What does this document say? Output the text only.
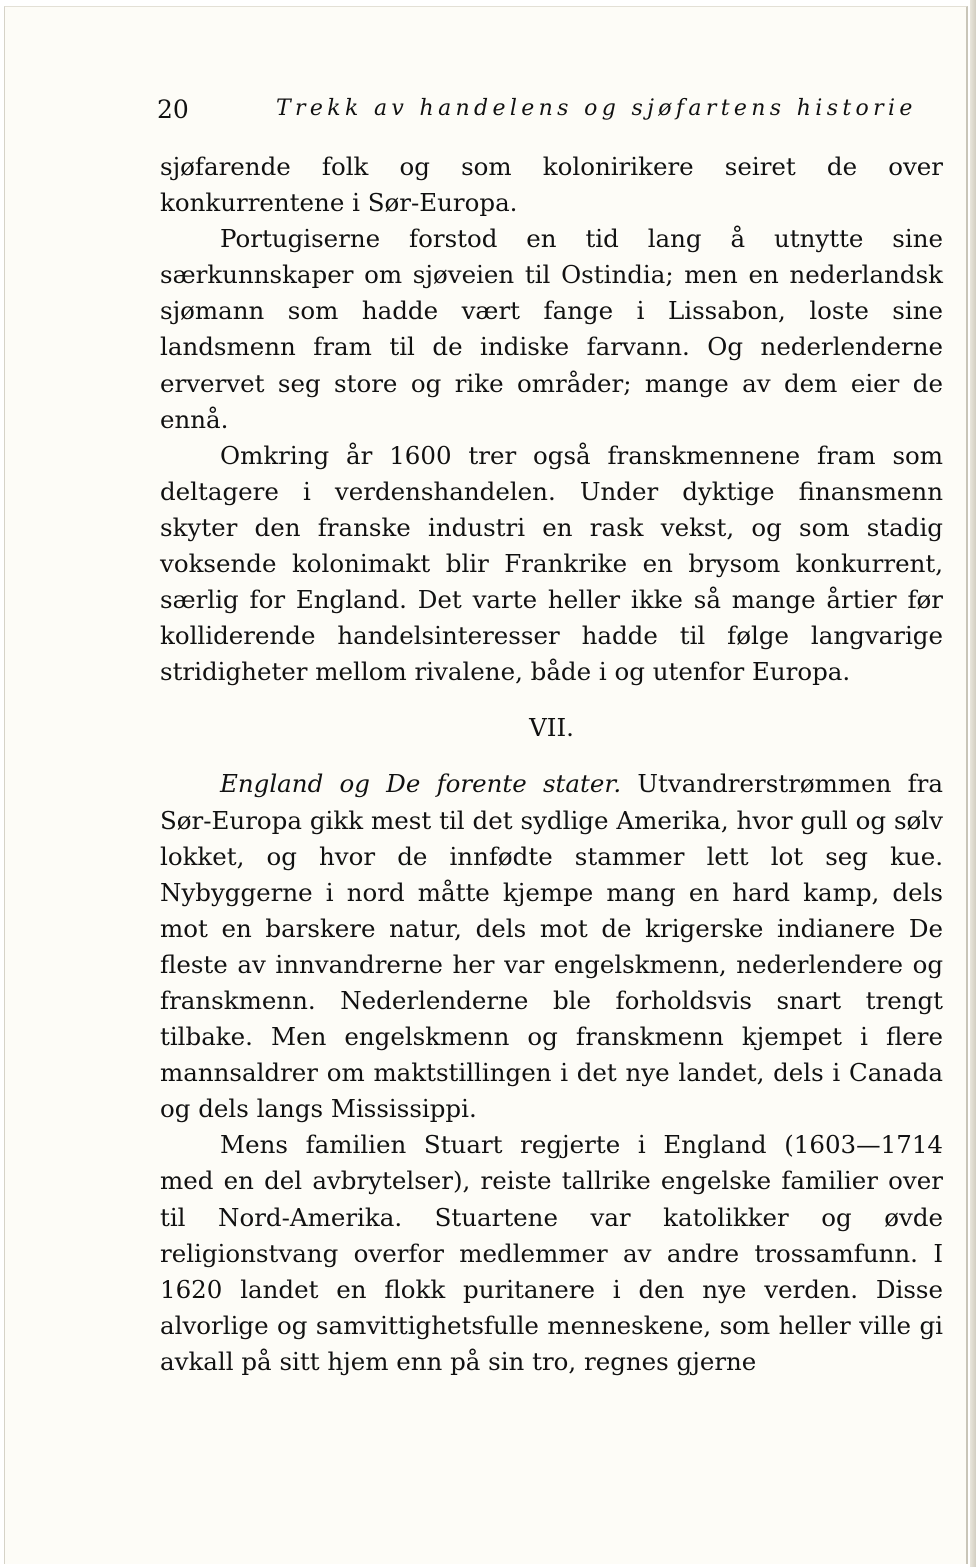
20	Trekk av handelens og sjøfartens historie

sjøfarende folk og som kolonirikere seiret de over konkurrentene i Sør-Europa.

Portugiserne forstod en tid lang å utnytte sine særkunnskaper om sjøveien til Ostindia; men en nederlandsk sjømann som hadde vært fange i Lissabon, loste sine landsmenn fram til de indiske farvann. Og nederlenderne ervervet seg store og rike områder; mange av dem eier de ennå.

Omkring år 1600 trer også franskmennene fram som deltagere i verdenshandelen. Under dyktige finansmenn skyter den franske industri en rask vekst, og som stadig voksende kolonimakt blir Frankrike en brysom konkurrent, særlig for England. Det varte heller ikke så mange årtier før kolliderende handelsinteresser hadde til følge langvarige stridigheter mellom rivalene, både i og utenfor Europa.

VII.

England og De forente stater. Utvandrerstrømmen fra Sør-Europa gikk mest til det sydlige Amerika, hvor gull og sølv lokket, og hvor de innfødte stammer lett lot seg kue. Nybyggerne i nord måtte kjempe mang en hard kamp, dels mot en barskere natur, dels mot de krigerske indianere De fleste av innvandrerne her var engelskmenn, nederlendere og franskmenn. Nederlenderne ble forholdsvis snart trengt tilbake. Men engelskmenn og franskmenn kjempet i flere mannsaldrer om maktstillingen i det nye landet, dels i Canada og dels langs Mississippi.

Mens familien Stuart regjerte i England (1603—1714 med en del avbrytelser), reiste tallrike engelske familier over til Nord-Amerika. Stuartene var katolikker og øvde religionstvang overfor medlemmer av andre trossamfunn. I 1620 landet en flokk puritanere i den nye verden. Disse alvorlige og samvittighetsfulle menneskene, som heller ville gi avkall på sitt hjem enn på sin tro, regnes gjerne
